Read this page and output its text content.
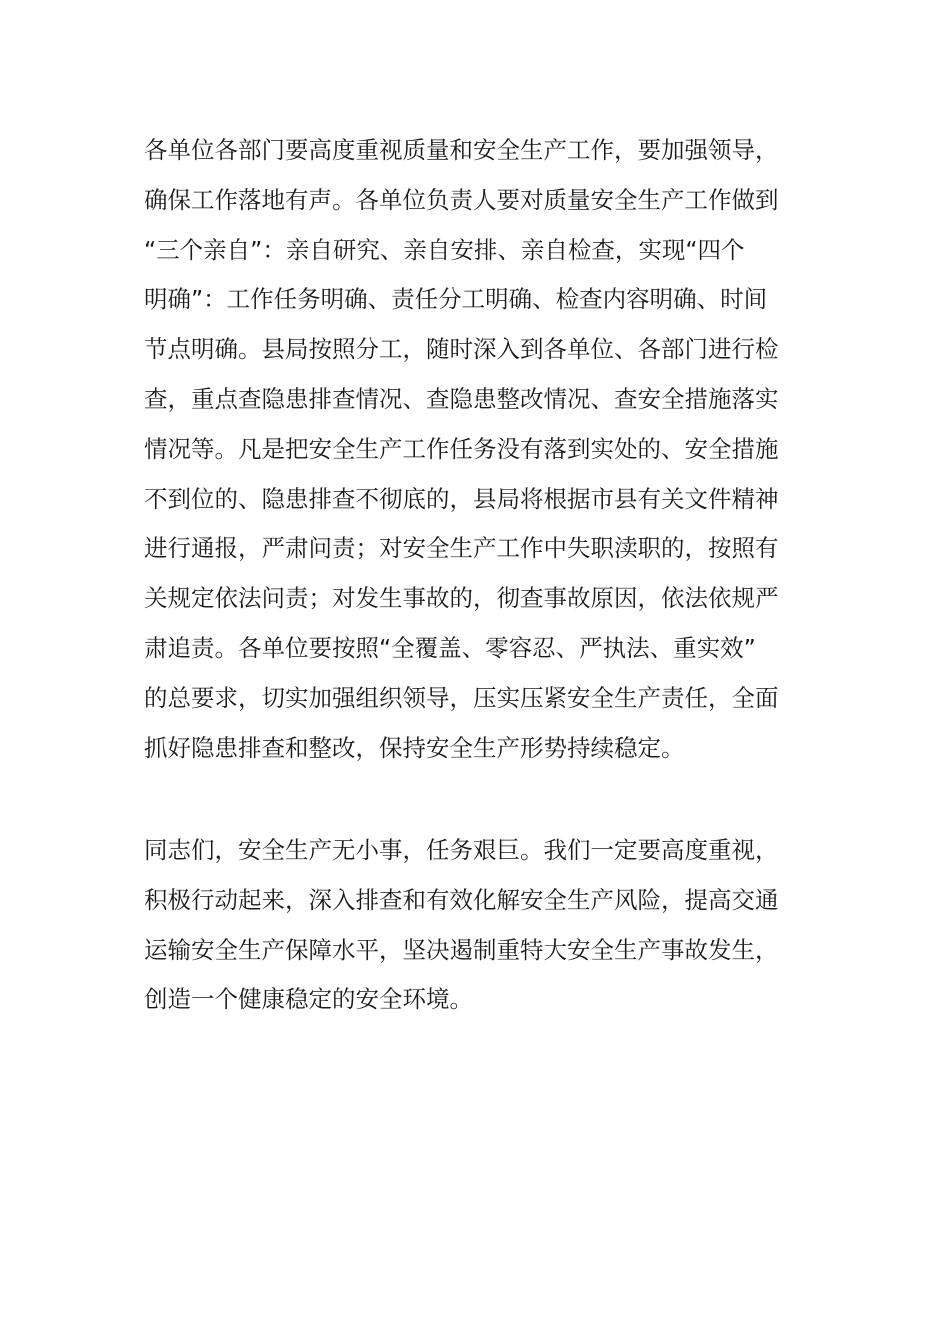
各单位各部门要高度重视质量和安全生产工作，要加强领导，
确保工作落地有声。各单位负责人要对质量安全生产工作做到
“三个亲自”：亲自研究、亲自安排、亲自检查，实现“四个
明确”：工作任务明确、责任分工明确、检查内容明确、时间
节点明确。县局按照分工，随时深入到各单位、各部门进行检
查，重点查隐患排查情况、查隐患整改情况、查安全措施落实
情况等。凡是把安全生产工作任务没有落到实处的、安全措施
不到位的、隐患排查不彻底的，县局将根据市县有关文件精神
进行通报，严肃问责；对安全生产工作中失职渎职的，按照有
关规定依法问责；对发生事故的，彻查事故原因，依法依规严
肃追责。各单位要按照“全覆盖、零容忍、严执法、重实效”
的总要求，切实加强组织领导，压实压紧安全生产责任，全面
抓好隐患排查和整改，保持安全生产形势持续稳定。

同志们，安全生产无小事，任务艰巨。我们一定要高度重视，
积极行动起来，深入排查和有效化解安全生产风险，提高交通
运输安全生产保障水平，坚决遏制重特大安全生产事故发生，
创造一个健康稳定的安全环境。
